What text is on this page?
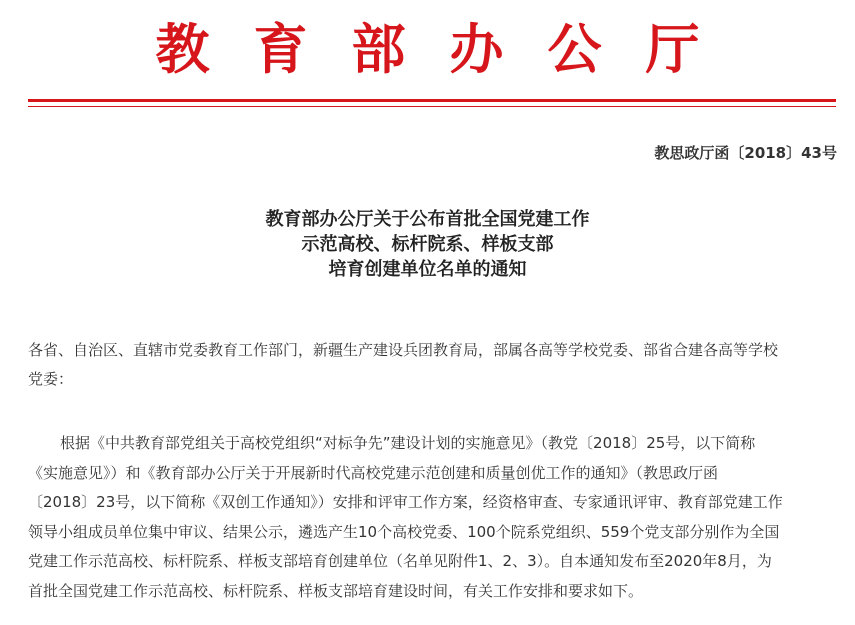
教育部办公厅
教思政厅函〔2018〕43号
教育部办公厅关于公布首批全国党建工作
示范高校、标杆院系、样板支部
培育创建单位名单的通知
各省、自治区、直辖市党委教育工作部门，新疆生产建设兵团教育局，部属各高等学校党委、部省合建各高等学校
党委：
根据《中共教育部党组关于高校党组织“对标争先”建设计划的实施意见》（教党〔2018〕25号，以下简称
《实施意见》）和《教育部办公厅关于开展新时代高校党建示范创建和质量创优工作的通知》（教思政厅函
〔2018〕23号，以下简称《双创工作通知》）安排和评审工作方案，经资格审查、专家通讯评审、教育部党建工作
领导小组成员单位集中审议、结果公示，遴选产生10个高校党委、100个院系党组织、559个党支部分别作为全国
党建工作示范高校、标杆院系、样板支部培育创建单位（名单见附件1、2、3）。自本通知发布至2020年8月，为
首批全国党建工作示范高校、标杆院系、样板支部培育建设时间，有关工作安排和要求如下。
